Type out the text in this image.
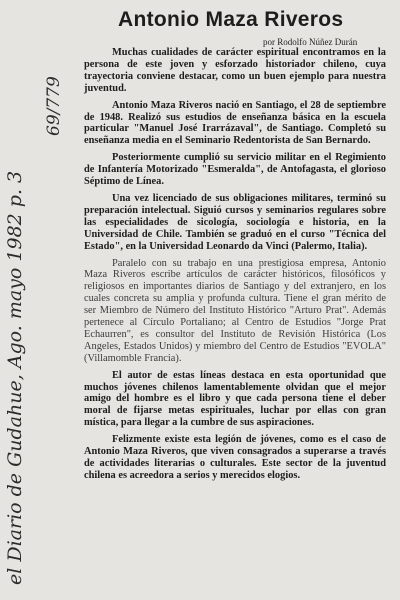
Antonio Maza Riveros
por Rodolfo Núñez Durán

Muchas cualidades de carácter espiritual encontramos en la persona de este joven y esforzado historiador chileno, cuya trayectoria conviene destacar, como un buen ejemplo para nuestra juventud.

Antonio Maza Riveros nació en Santiago, el 28 de septiembre de 1948. Realizó sus estudios de enseñanza básica en la escuela particular "Manuel José Irarrázaval", de Santiago. Completó su enseñanza media en el Seminario Redentorista de San Bernardo.

Posteriormente cumplió su servicio militar en el Regimiento de Infantería Motorizado "Esmeralda", de Antofagasta, el glorioso Séptimo de Línea.

Una vez licenciado de sus obligaciones militares, terminó su preparación intelectual. Siguió cursos y seminarios regulares sobre las especialidades de sicología, sociología e historia, en la Universidad de Chile. También se graduó en el curso "Técnica del Estado", en la Universidad Leonardo da Vinci (Palermo, Italia).

Paralelo con su trabajo en una prestigiosa empresa, Antonio Maza Riveros escribe artículos de carácter históricos, filosóficos y religiosos en importantes diarios de Santiago y del extranjero, en los cuales concreta su amplia y profunda cultura. Tiene el gran mérito de ser Miembro de Número del Instituto Histórico "Arturo Prat". Además pertenece al Círculo Portaliano; al Centro de Estudios "Jorge Prat Echaurren", es consultor del Instituto de Revisión Histórica (Los Angeles, Estados Unidos) y miembro del Centro de Estudios "EVOLA" (Villamomble Francia).

El autor de estas líneas destaca en esta oportunidad que muchos jóvenes chilenos lamentablemente olvidan que el mejor amigo del hombre es el libro y que cada persona tiene el deber moral de fijarse metas espirituales, luchar por ellas con gran mística, para llegar a la cumbre de sus aspiraciones.

Felizmente existe esta legión de jóvenes, como es el caso de Antonio Maza Riveros, que viven consagrados a superarse a través de actividades literarias o culturales. Este sector de la juventud chilena es acreedora a serios y merecidos elogios.

el Diario de Gudahue, Ago. mayo 1982 p. 3
69/779
